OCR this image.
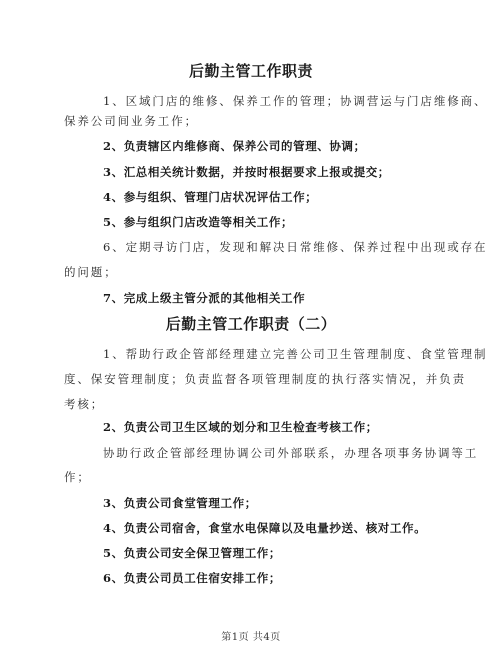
后勤主管工作职责
1、区域门店的维修、保养工作的管理；协调营运与门店维修商、
保养公司间业务工作；
2、负责辖区内维修商、保养公司的管理、协调；
3、汇总相关统计数据，并按时根据要求上报或提交；
4、参与组织、管理门店状况评估工作；
5、参与组织门店改造等相关工作；
6、定期寻访门店，发现和解决日常维修、保养过程中出现或存在
的问题；
7、完成上级主管分派的其他相关工作
后勤主管工作职责（二）
1、帮助行政企管部经理建立完善公司卫生管理制度、食堂管理制
度、保安管理制度；负责监督各项管理制度的执行落实情况，并负责
考核；
2、负责公司卫生区域的划分和卫生检查考核工作；
协助行政企管部经理协调公司外部联系，办理各项事务协调等工
作；
3、负责公司食堂管理工作；
4、负责公司宿舍，食堂水电保障以及电量抄送、核对工作。
5、负责公司安全保卫管理工作；
6、负责公司员工住宿安排工作；
第1页 共4页
